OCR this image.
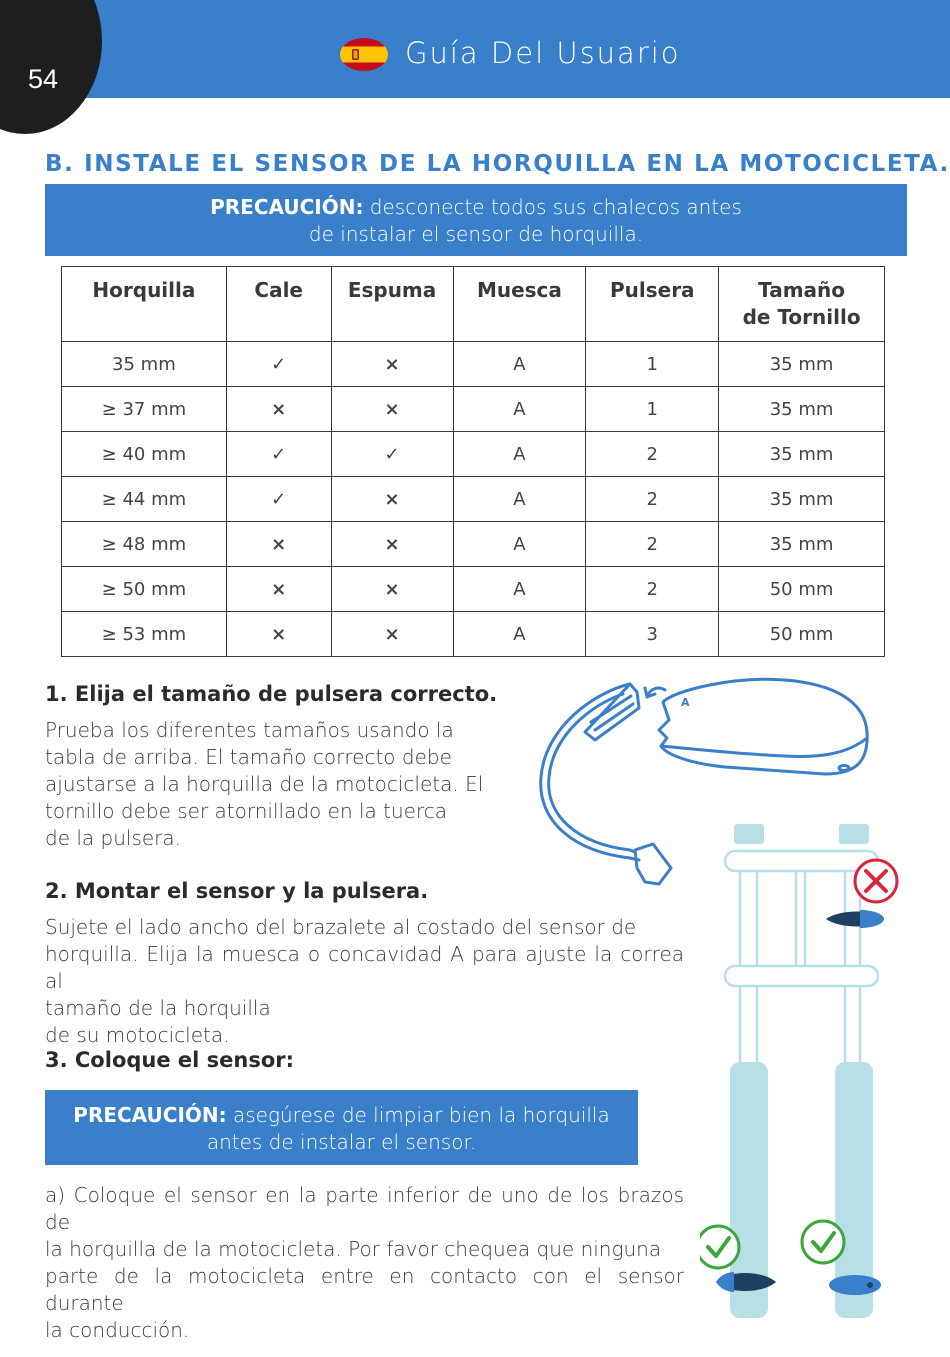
54
Guía Del Usuario
B. INSTALE EL SENSOR DE LA HORQUILLA EN LA MOTOCICLETA.
PRECAUCIÓN: desconecte todos sus chalecos antes
de instalar el sensor de horquilla.
Horquilla	Cale	Espuma	Muesca	Pulsera	Tamaño
de Tornillo
35 mm	✓	×	A	1	35 mm
≥ 37 mm	×	×	A	1	35 mm
≥ 40 mm	✓	✓	A	2	35 mm
≥ 44 mm	✓	×	A	2	35 mm
≥ 48 mm	×	×	A	2	35 mm
≥ 50 mm	×	×	A	2	50 mm
≥ 53 mm	×	×	A	3	50 mm
1. Elija el tamaño de pulsera correcto.
Prueba los diferentes tamaños usando la
tabla de arriba. El tamaño correcto debe
ajustarse a la horquilla de la motocicleta. El
tornillo debe ser atornillado en la tuerca
de la pulsera.
2. Montar el sensor y la pulsera.
Sujete el lado ancho del brazalete al costado del sensor de
horquilla. Elija la muesca o concavidad A para ajuste la correa al
tamaño de la horquilla
de su motocicleta.
3. Coloque el sensor:
PRECAUCIÓN: asegúrese de limpiar bien la horquilla
antes de instalar el sensor.
a) Coloque el sensor en la parte inferior de uno de los brazos de
la horquilla de la motocicleta. Por favor chequea que ninguna
parte de la motocicleta entre en contacto con el sensor durante
la conducción.
A
